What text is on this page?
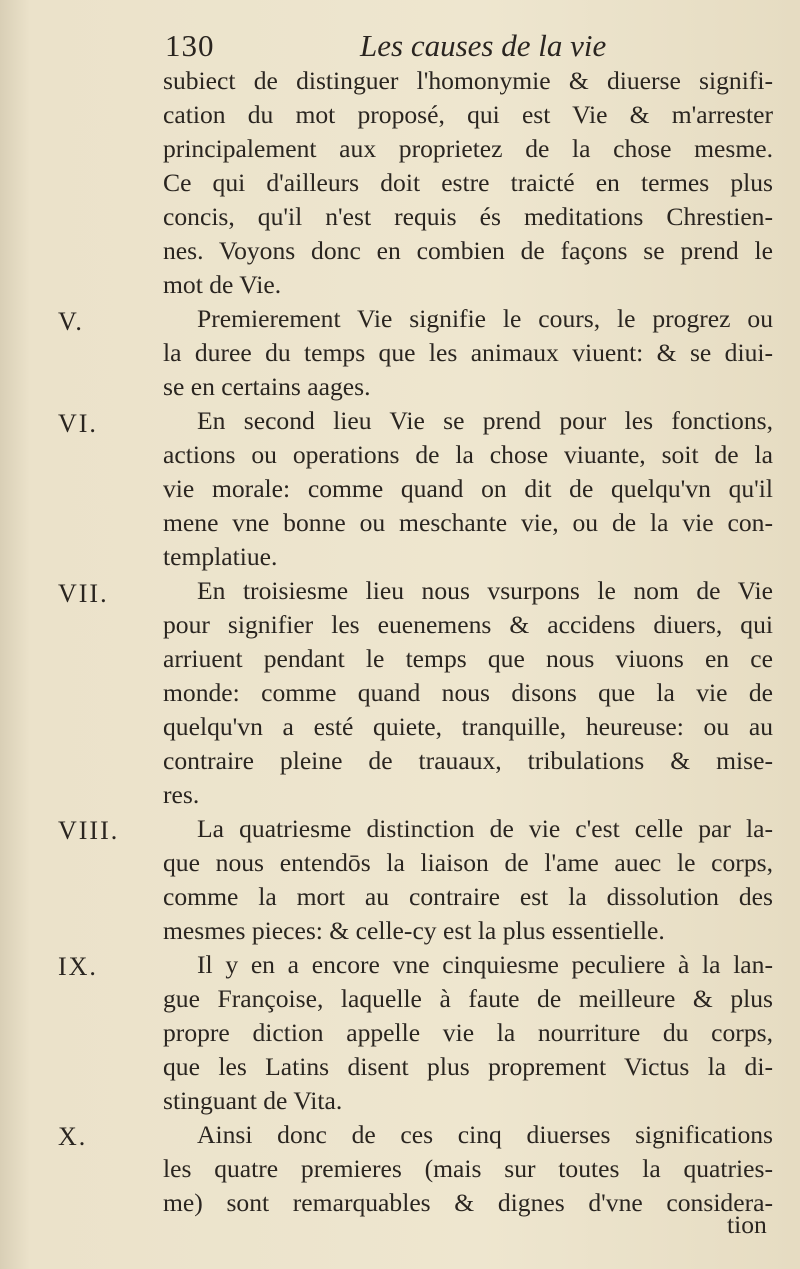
130	Les causes de la vie
V.
VI.
VII.
VIII.
IX.
X.
subiect de distinguer l'homonymie & diuerse signifi-
cation du mot proposé, qui est Vie & m'arrester
principalement aux proprietez de la chose mesme.
Ce qui d'ailleurs doit estre traicté en termes plus
concis, qu'il n'est requis és meditations Chrestien-
nes. Voyons donc en combien de façons se prend le
mot de Vie.
Premierement Vie signifie le cours, le progrez ou
la duree du temps que les animaux viuent: & se diui-
se en certains aages.
En second lieu Vie se prend pour les fonctions,
actions ou operations de la chose viuante, soit de la
vie morale: comme quand on dit de quelqu'vn qu'il
mene vne bonne ou meschante vie, ou de la vie con-
templatiue.
En troisiesme lieu nous vsurpons le nom de Vie
pour signifier les euenemens & accidens diuers, qui
arriuent pendant le temps que nous viuons en ce
monde: comme quand nous disons que la vie de
quelqu'vn a esté quiete, tranquille, heureuse: ou au
contraire pleine de trauaux, tribulations & mise-
res.
La quatriesme distinction de vie c'est celle par la-
que nous entendōs la liaison de l'ame auec le corps,
comme la mort au contraire est la dissolution des
mesmes pieces: & celle-cy est la plus essentielle.
Il y en a encore vne cinquiesme peculiere à la lan-
gue Françoise, laquelle à faute de meilleure & plus
propre diction appelle vie la nourriture du corps,
que les Latins disent plus proprement Victus la di-
stinguant de Vita.
Ainsi donc de ces cinq diuerses significations
les quatre premieres (mais sur toutes la quatries-
me) sont remarquables & dignes d'vne considera-
tion
